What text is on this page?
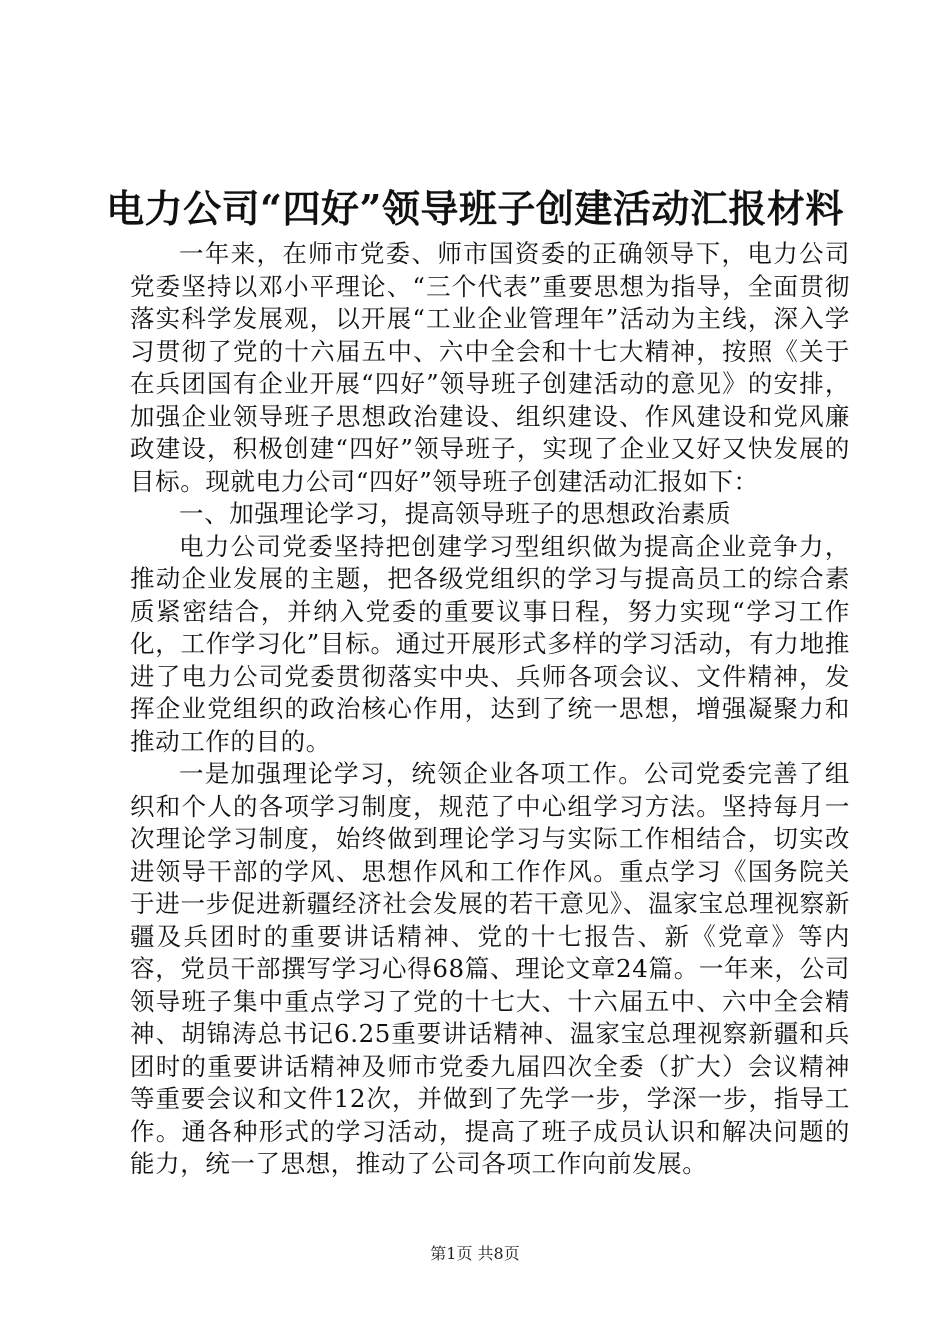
电力公司“四好”领导班子创建活动汇报材料

一年来，在师市党委、师市国资委的正确领导下，电力公司党委坚持以邓小平理论、“三个代表”重要思想为指导，全面贯彻落实科学发展观，以开展“工业企业管理年”活动为主线，深入学习贯彻了党的十六届五中、六中全会和十七大精神，按照《关于在兵团国有企业开展“四好”领导班子创建活动的意见》的安排，加强企业领导班子思想政治建设、组织建设、作风建设和党风廉政建设，积极创建“四好”领导班子，实现了企业又好又快发展的目标。现就电力公司“四好”领导班子创建活动汇报如下：

一、加强理论学习，提高领导班子的思想政治素质

电力公司党委坚持把创建学习型组织做为提高企业竞争力，推动企业发展的主题，把各级党组织的学习与提高员工的综合素质紧密结合，并纳入党委的重要议事日程，努力实现“学习工作化，工作学习化”目标。通过开展形式多样的学习活动，有力地推进了电力公司党委贯彻落实中央、兵师各项会议、文件精神，发挥企业党组织的政治核心作用，达到了统一思想，增强凝聚力和推动工作的目的。

一是加强理论学习，统领企业各项工作。公司党委完善了组织和个人的各项学习制度，规范了中心组学习方法。坚持每月一次理论学习制度，始终做到理论学习与实际工作相结合，切实改进领导干部的学风、思想作风和工作作风。重点学习《国务院关于进一步促进新疆经济社会发展的若干意见》、温家宝总理视察新疆及兵团时的重要讲话精神、党的十七报告、新《党章》等内容，党员干部撰写学习心得68篇、理论文章24篇。一年来，公司领导班子集中重点学习了党的十七大、十六届五中、六中全会精神、胡锦涛总书记6.25重要讲话精神、温家宝总理视察新疆和兵团时的重要讲话精神及师市党委九届四次全委（扩大）会议精神等重要会议和文件12次，并做到了先学一步，学深一步，指导工作。通各种形式的学习活动，提高了班子成员认识和解决问题的能力，统一了思想，推动了公司各项工作向前发展。

第1页 共8页
